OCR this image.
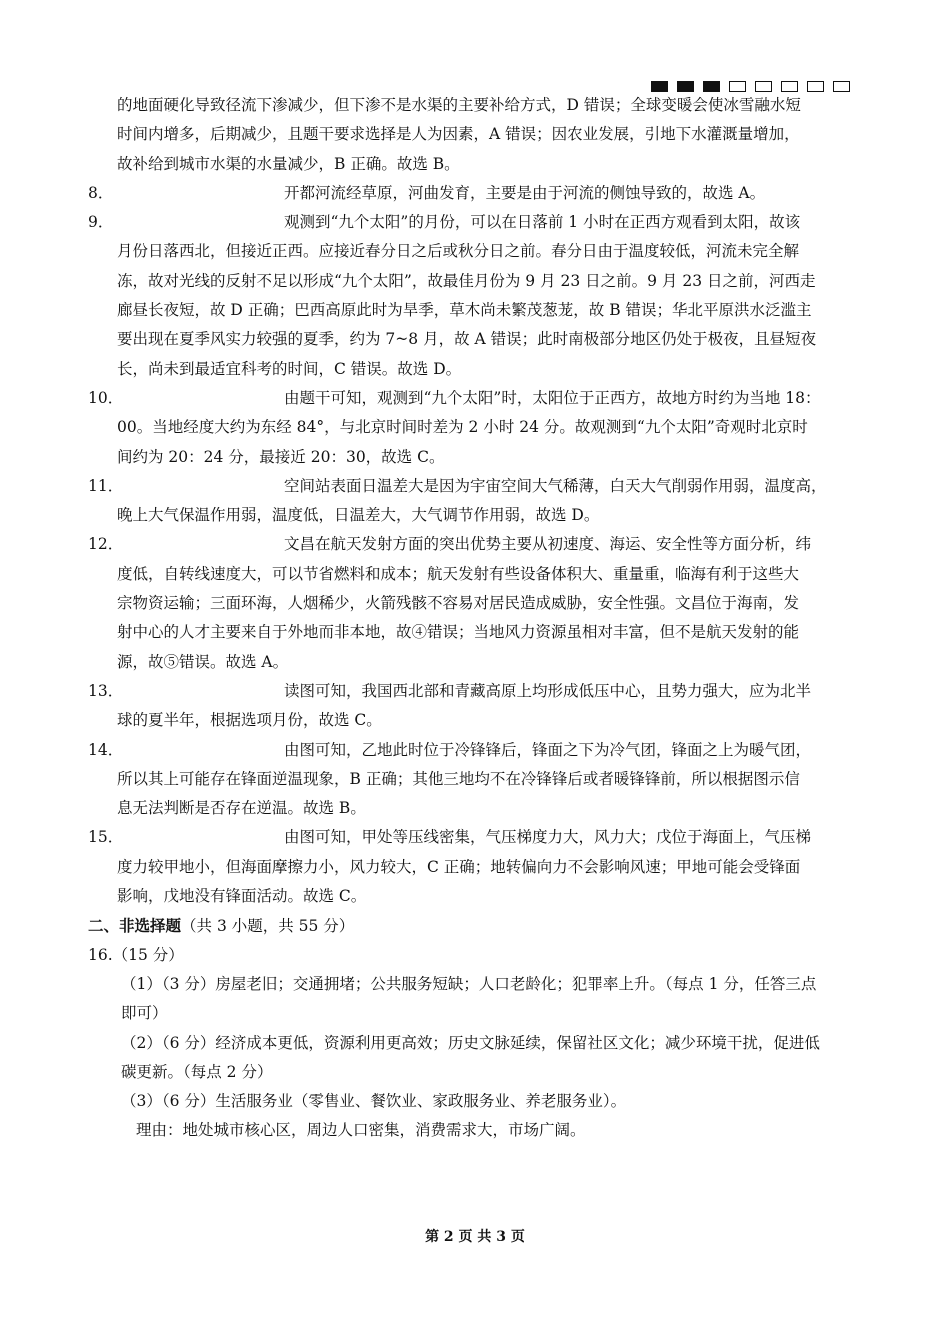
的地面硬化导致径流下渗减少，但下渗不是水渠的主要补给方式，D 错误；全球变暖会使冰雪融水短
时间内增多，后期减少，且题干要求选择是人为因素，A 错误；因农业发展，引地下水灌溉量增加，
故补给到城市水渠的水量减少，B 正确。故选 B。
8．	开都河流经草原，河曲发育，主要是由于河流的侧蚀导致的，故选 A。
9．	观测到“九个太阳”的月份，可以在日落前 1 小时在正西方观看到太阳，故该
月份日落西北，但接近正西。应接近春分日之后或秋分日之前。春分日由于温度较低，河流未完全解
冻，故对光线的反射不足以形成“九个太阳”，故最佳月份为 9 月 23 日之前。9 月 23 日之前，河西走
廊昼长夜短，故 D 正确；巴西高原此时为旱季，草木尚未繁茂葱茏，故 B 错误；华北平原洪水泛滥主
要出现在夏季风实力较强的夏季，约为 7~8 月，故 A 错误；此时南极部分地区仍处于极夜，且昼短夜
长，尚未到最适宜科考的时间，C 错误。故选 D。
10．	由题干可知，观测到“九个太阳”时，太阳位于正西方，故地方时约为当地 18：
00。当地经度大约为东经 84°，与北京时间时差为 2 小时 24 分。故观测到“九个太阳”奇观时北京时
间约为 20：24 分，最接近 20：30，故选 C。
11．	空间站表面日温差大是因为宇宙空间大气稀薄，白天大气削弱作用弱，温度高，
晚上大气保温作用弱，温度低，日温差大，大气调节作用弱，故选 D。
12．	文昌在航天发射方面的突出优势主要从初速度、海运、安全性等方面分析，纬
度低，自转线速度大，可以节省燃料和成本；航天发射有些设备体积大、重量重，临海有利于这些大
宗物资运输；三面环海，人烟稀少，火箭残骸不容易对居民造成威胁，安全性强。文昌位于海南，发
射中心的人才主要来自于外地而非本地，故④错误；当地风力资源虽相对丰富，但不是航天发射的能
源，故⑤错误。故选 A。
13．	读图可知，我国西北部和青藏高原上均形成低压中心，且势力强大，应为北半
球的夏半年，根据选项月份，故选 C。
14．	由图可知，乙地此时位于冷锋锋后，锋面之下为冷气团，锋面之上为暖气团，
所以其上可能存在锋面逆温现象，B 正确；其他三地均不在冷锋锋后或者暖锋锋前，所以根据图示信
息无法判断是否存在逆温。故选 B。
15．	由图可知，甲处等压线密集，气压梯度力大，风力大；戊位于海面上，气压梯
度力较甲地小，但海面摩擦力小，风力较大，C 正确；地转偏向力不会影响风速；甲地可能会受锋面
影响，戊地没有锋面活动。故选 C。
二、非选择题（共 3 小题，共 55 分）
16.（15 分）
（1）（3 分）房屋老旧；交通拥堵；公共服务短缺；人口老龄化；犯罪率上升。（每点 1 分，任答三点
即可）
（2）（6 分）经济成本更低，资源利用更高效；历史文脉延续，保留社区文化；减少环境干扰，促进低
碳更新。（每点 2 分）
（3）（6 分）生活服务业（零售业、餐饮业、家政服务业、养老服务业）。
理由：地处城市核心区，周边人口密集，消费需求大，市场广阔。
第 2 页 共 3 页
